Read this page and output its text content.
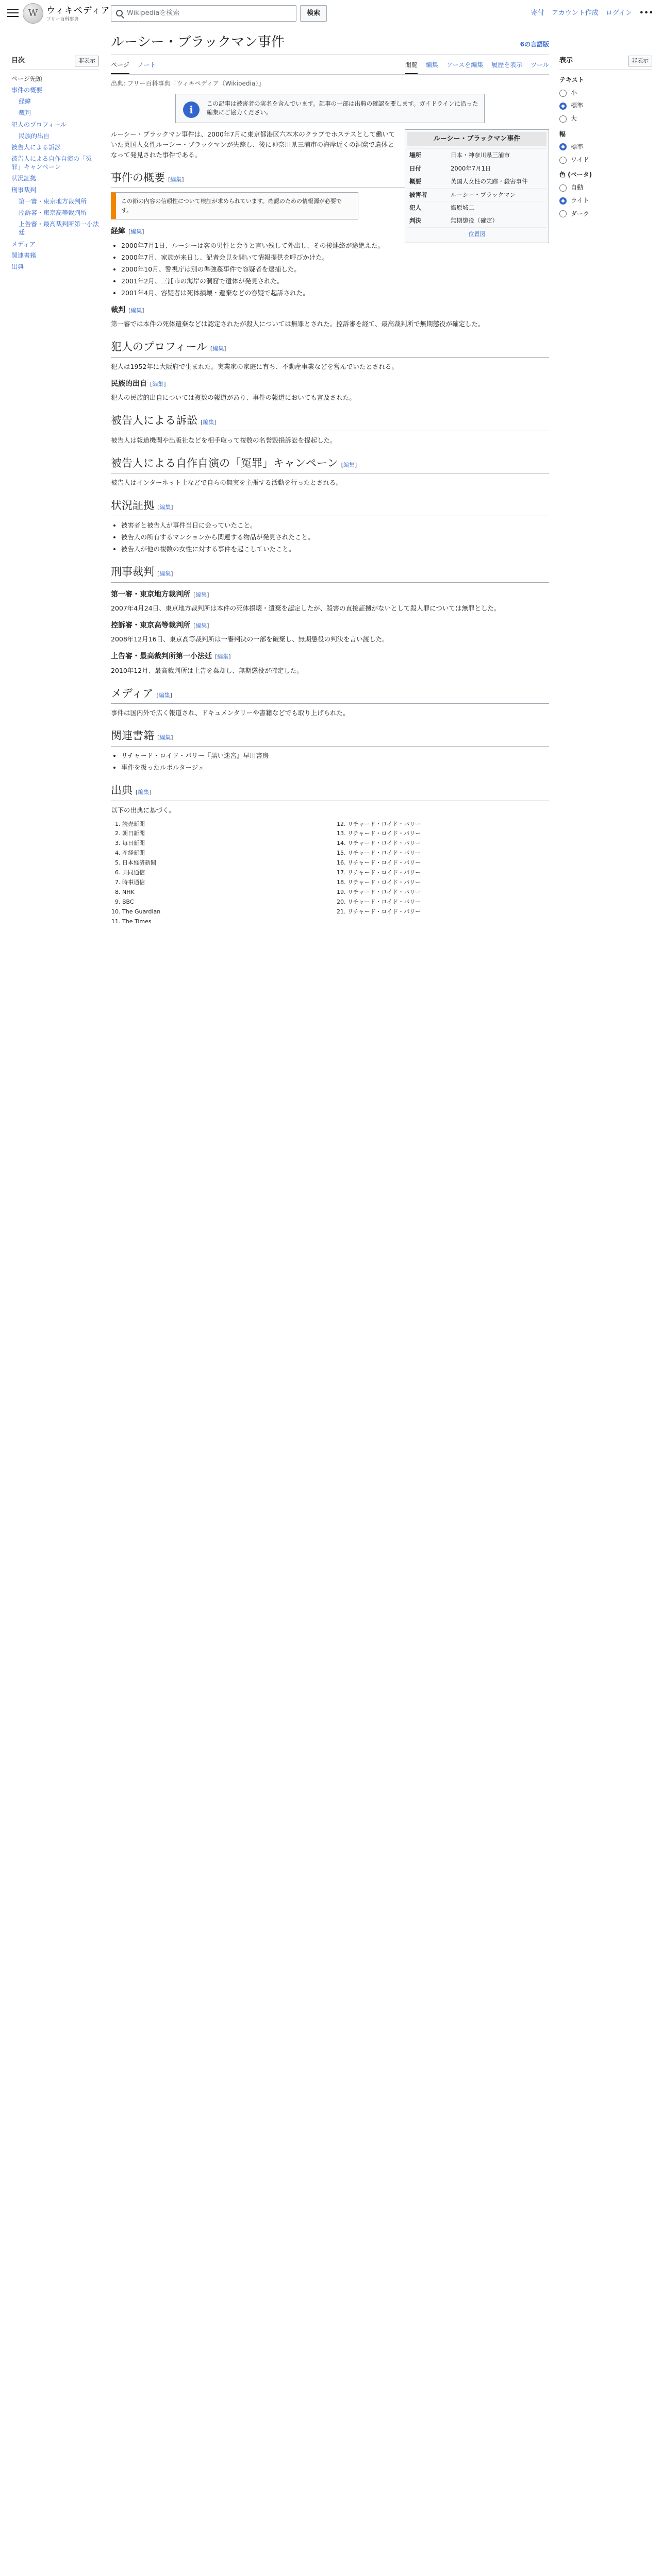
W ウィキペディア
フリー百科事典
Wikipediaを検索	検索	寄付 アカウント作成 ログイン •••
目次	非表示
ページ先頭
事件の概要
経緯
裁判
犯人のプロフィール
民族的出自
被告人による訴訟
被告人による自作自演の「冤罪」キャンペーン
状況証拠
刑事裁判
第一審・東京地方裁判所
控訴審・東京高等裁判所
上告審・最高裁判所第一小法廷
メディア
関連書籍
出典
ルーシー・ブラックマン事件	6の言語版
ページ ノート	閲覧 編集 ソースを編集 履歴を表示 ツール
出典: フリー百科事典『ウィキペディア（Wikipedia）』
i	この記事は被害者の実名を含んでいます。記事の一部は出典の確認を要します。ガイドラインに沿った編集にご協力ください。
ルーシー・ブラックマン事件
場所	日本・神奈川県三浦市
日付	2000年7月1日
概要	英国人女性の失踪・殺害事件
被害者	ルーシー・ブラックマン
犯人	織原城二
判決	無期懲役（確定）
位置図

ルーシー・ブラックマン事件は、2000年7月に東京都港区六本木のクラブでホステスとして働いていた英国人女性ルーシー・ブラックマンが失踪し、後に神奈川県三浦市の海岸近くの洞窟で遺体となって発見された事件である。

事件の概要 [編集]
この節の内容の信頼性について検証が求められています。確認のための情報源が必要です。
経緯 [編集]
• 2000年7月1日、ルーシーは客の男性と会うと言い残して外出し、その後連絡が途絶えた。
• 2000年7月、家族が来日し、記者会見を開いて情報提供を呼びかけた。
• 2000年10月、警視庁は別の準強姦事件で容疑者を逮捕した。
• 2001年2月、三浦市の海岸の洞窟で遺体が発見された。
• 2001年4月、容疑者は死体損壊・遺棄などの容疑で起訴された。
裁判 [編集]

第一審では本件の死体遺棄などは認定されたが殺人については無罪とされた。控訴審を経て、最高裁判所で無期懲役が確定した。

犯人のプロフィール [編集]

犯人は1952年に大阪府で生まれた。実業家の家庭に育ち、不動産事業などを営んでいたとされる。

民族的出自 [編集]

犯人の民族的出自については複数の報道があり、事件の報道においても言及された。

被告人による訴訟 [編集]

被告人は報道機関や出版社などを相手取って複数の名誉毀損訴訟を提起した。

被告人による自作自演の「冤罪」キャンペーン [編集]

被告人はインターネット上などで自らの無実を主張する活動を行ったとされる。

状況証拠 [編集]
• 被害者と被告人が事件当日に会っていたこと。
• 被告人の所有するマンションから関連する物品が発見されたこと。
• 被告人が他の複数の女性に対する事件を起こしていたこと。
刑事裁判 [編集]
第一審・東京地方裁判所 [編集]

2007年4月24日、東京地方裁判所は本件の死体損壊・遺棄を認定したが、殺害の直接証拠がないとして殺人罪については無罪とした。

控訴審・東京高等裁判所 [編集]

2008年12月16日、東京高等裁判所は一審判決の一部を破棄し、無期懲役の判決を言い渡した。

上告審・最高裁判所第一小法廷 [編集]

2010年12月、最高裁判所は上告を棄却し、無期懲役が確定した。

メディア [編集]

事件は国内外で広く報道され、ドキュメンタリーや書籍などでも取り上げられた。

関連書籍 [編集]
• リチャード・ロイド・パリー『黒い迷宮』早川書房
• 事件を扱ったルポルタージュ
出典 [編集]

以下の出典に基づく。

1. 読売新聞
2. 朝日新聞
3. 毎日新聞
4. 産経新聞
5. 日本経済新聞
6. 共同通信
7. 時事通信
8. NHK
9. BBC
10. The Guardian
11. The Times
12. リチャード・ロイド・パリー
13. リチャード・ロイド・パリー
14. リチャード・ロイド・パリー
15. リチャード・ロイド・パリー
16. リチャード・ロイド・パリー
17. リチャード・ロイド・パリー
18. リチャード・ロイド・パリー
19. リチャード・ロイド・パリー
20. リチャード・ロイド・パリー
21. リチャード・ロイド・パリー
表示	非表示
テキスト
小
標準
大
幅
標準
ワイド
色 (ベータ)
自動
ライト
ダーク
